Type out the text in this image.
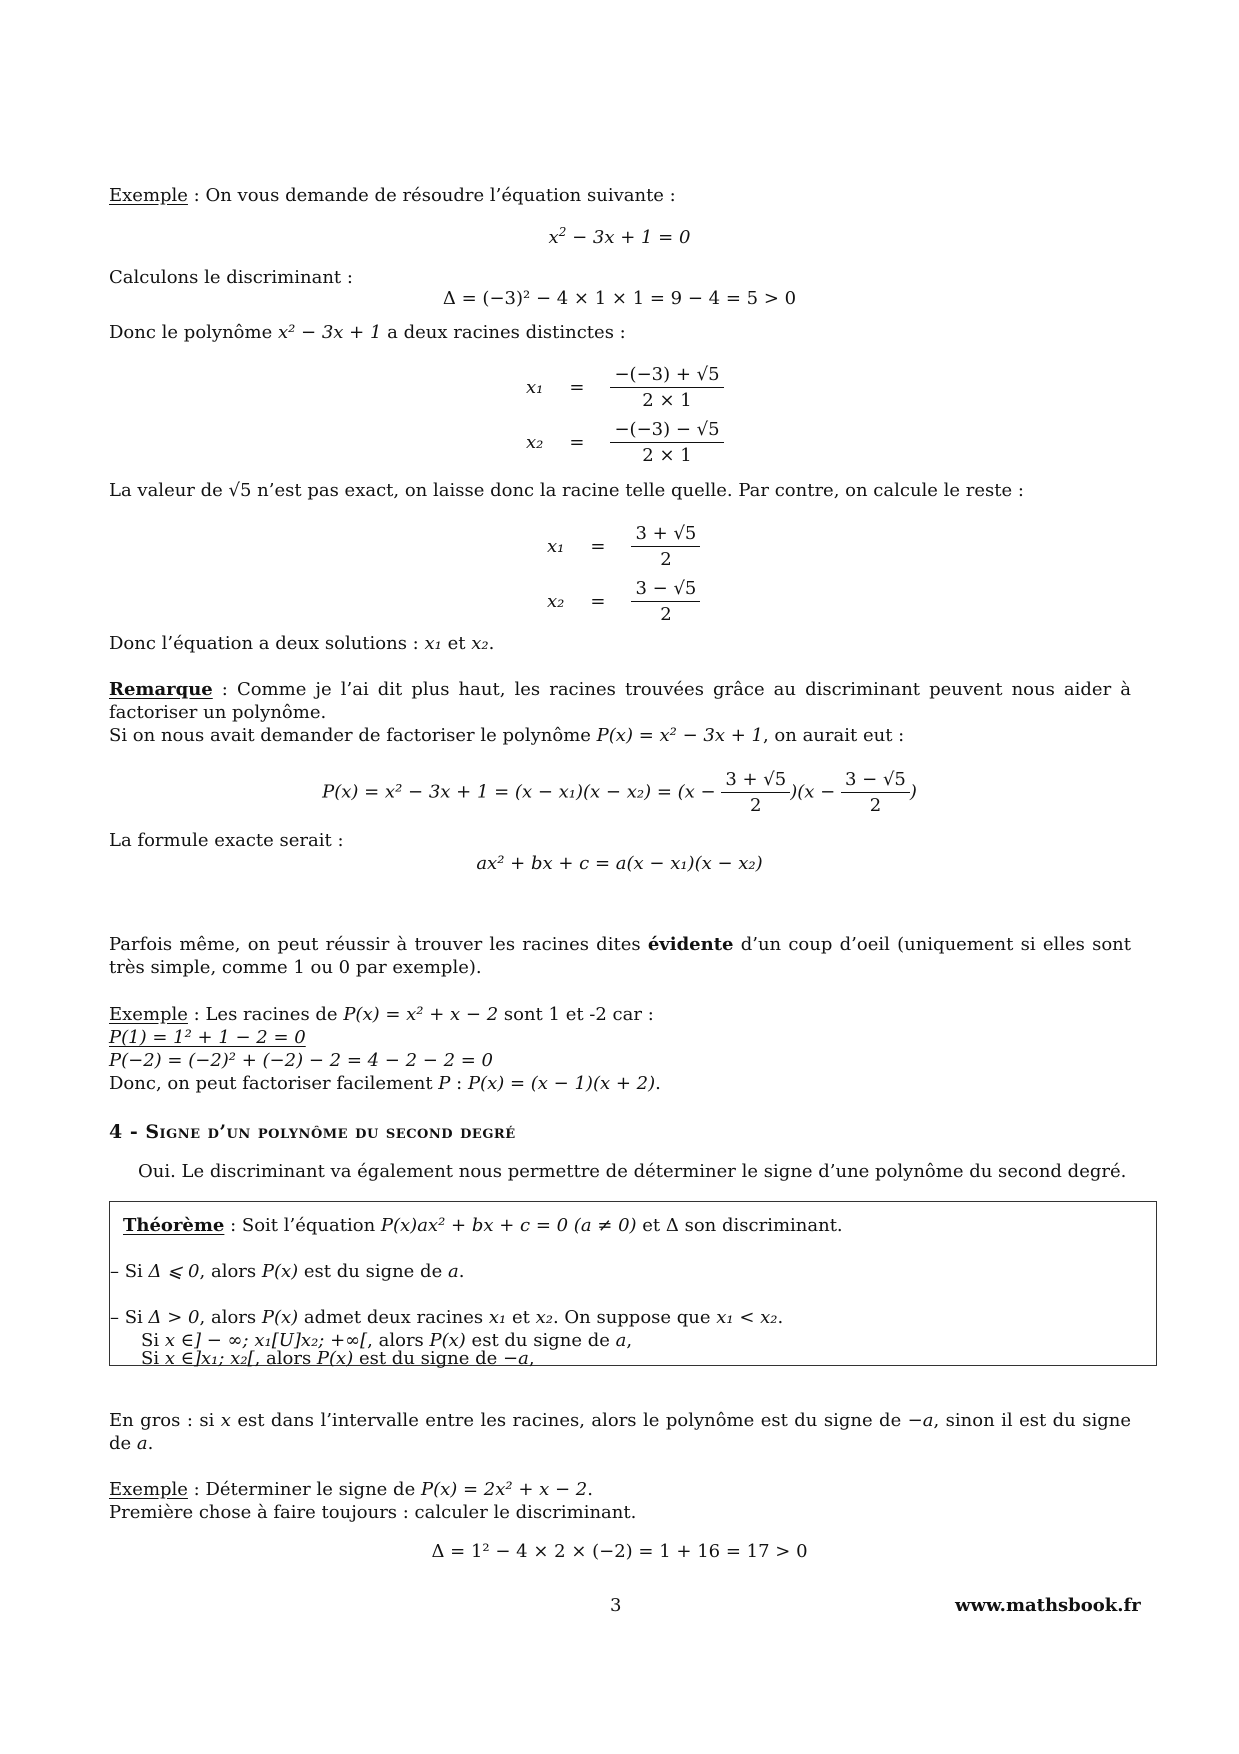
Exemple : On vous demande de résoudre l’équation suivante :
$x^2 - 3x + 1 = 0$
Calculons le discriminant :
Δ = (−3)² − 4 × 1 × 1 = 9 − 4 = 5 > 0
Donc le polynôme x² − 3x + 1 a deux racines distinctes :
x₁	=	$\frac{-(-3) + √5}{2 \times 1}$

x₂	=	$\frac{-(-3) - √5}{2 \times 1}$
La valeur de √5 n’est pas exact, on laisse donc la racine telle quelle. Par contre, on calcule le reste :
x₁	=	$\frac{3 + √5}{2}$

x₂	=	$\frac{3 - √5}{2}$
Donc l’équation a deux solutions : x₁ et x₂.
Remarque : Comme je l’ai dit plus haut, les racines trouvées grâce au discriminant peuvent nous aider à factoriser un polynôme.
Si on nous avait demander de factoriser le polynôme P(x) = x² − 3x + 1, on aurait eut :
$P(x) = x^2 - 3x + 1 = (x - x_1)(x - x_2) = (x - \frac{3 + √5}{2} )(x - \frac{3 - √5}{2}$ )
La formule exacte serait :
ax² + bx + c = a(x − x₁)(x − x₂)
Parfois même, on peut réussir à trouver les racines dites évidente d’un coup d’oeil (uniquement si elles sont très simple, comme 1 ou 0 par exemple).
Exemple : Les racines de P(x) = x² + x − 2 sont 1 et -2 car :
P(1) = 1² + 1 − 2 = 0
P(−2) = (−2)² + (−2) − 2 = 4 − 2 − 2 = 0
Donc, on peut factoriser facilement P : P(x) = (x − 1)(x + 2).
4 - Signe d’un polynôme du second degré
Oui. Le discriminant va également nous permettre de déterminer le signe d’une polynôme du second degré.
Théorème : Soit l’équation P(x)ax² + bx + c = 0 (a ≠ 0) et Δ son discriminant.
– Si Δ ⩽ 0, alors P(x) est du signe de a.
– Si Δ > 0, alors P(x) admet deux racines x₁ et x₂. On suppose que x₁ < x₂.
Si x ∈] − ∞; x₁[U]x₂; +∞[, alors P(x) est du signe de a,
Si x ∈]x₁; x₂[, alors P(x) est du signe de −a,
En gros : si x est dans l’intervalle entre les racines, alors le polynôme est du signe de −a, sinon il est du signe de a.
Exemple : Déterminer le signe de P(x) = 2x² + x − 2.
Première chose à faire toujours : calculer le discriminant.
Δ = 1² − 4 × 2 × (−2) = 1 + 16 = 17 > 0
3	www.mathsbook.fr
